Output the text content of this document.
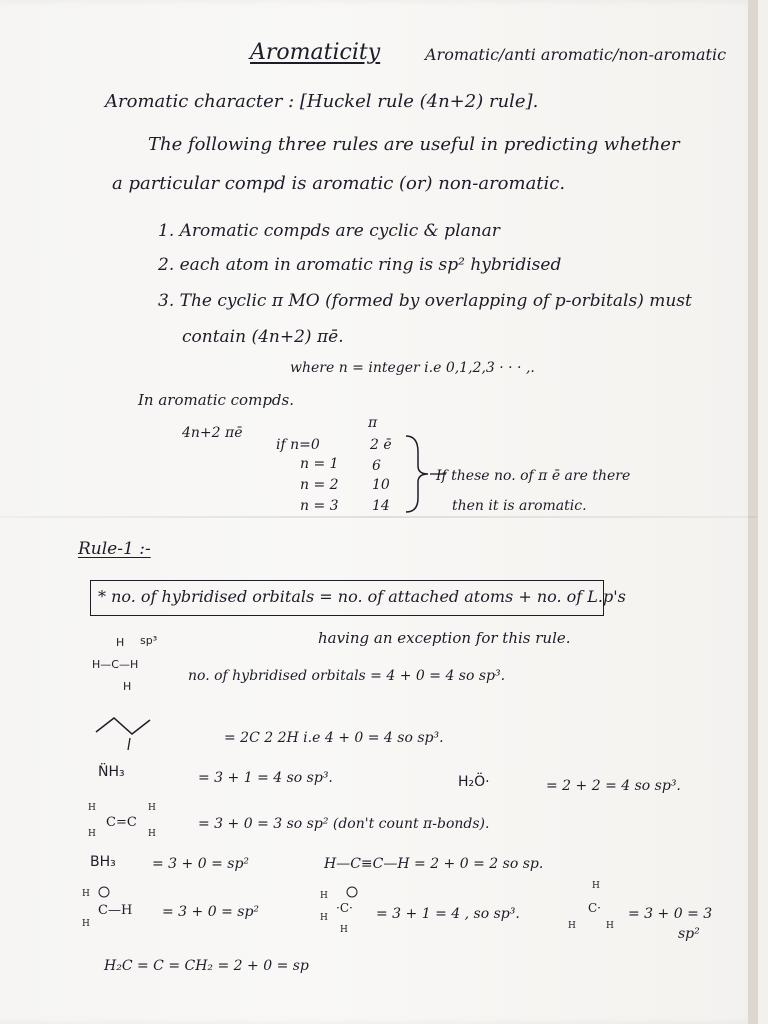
Aromaticity	Aromatic/anti aromatic/non-aromatic
Aromatic character : [Huckel rule (4n+2) rule].
The following three rules are useful in predicting whether
a particular compd is aromatic (or) non-aromatic.
1. Aromatic compds are cyclic & planar
2. each atom in aromatic ring is sp² hybridised
3. The cyclic π MO (formed by overlapping of p-orbitals) must
contain (4n+2) πē.
where n = integer i.e 0,1,2,3 · · · ,.
In aromatic compds.
4n+2 πē
π
if n=0	2 ē
n = 1 6
n = 2 10
n = 3 14
If these no. of π ē are there
then it is aromatic.
Rule-1 :-
* no. of hybridised orbitals = no. of attached atoms + no. of L.p's
having an exception for this rule.
H sp³
H—C—H
H
no. of hybridised orbitals = 4 + 0 = 4 so sp³.
= 2C 2 2H i.e 4 + 0 = 4 so sp³.
N̈H₃	= 3 + 1 = 4 so sp³.	H₂Ö·	= 2 + 2 = 4 so sp³.
H
H
H
H
C=C	= 3 + 0 = 3 so sp² (don't count π-bonds).
BH₃	= 3 + 0 = sp²	H—C≡C—H = 2 + 0 = 2 so sp.
H
H
C—H = 3 + 0 = sp²
H
H
·C·
H
= 3 + 1 = 4 , so sp³.
H
C·
H	H
= 3 + 0 = 3
sp²
H₂C = C = CH₂ = 2 + 0 = sp
